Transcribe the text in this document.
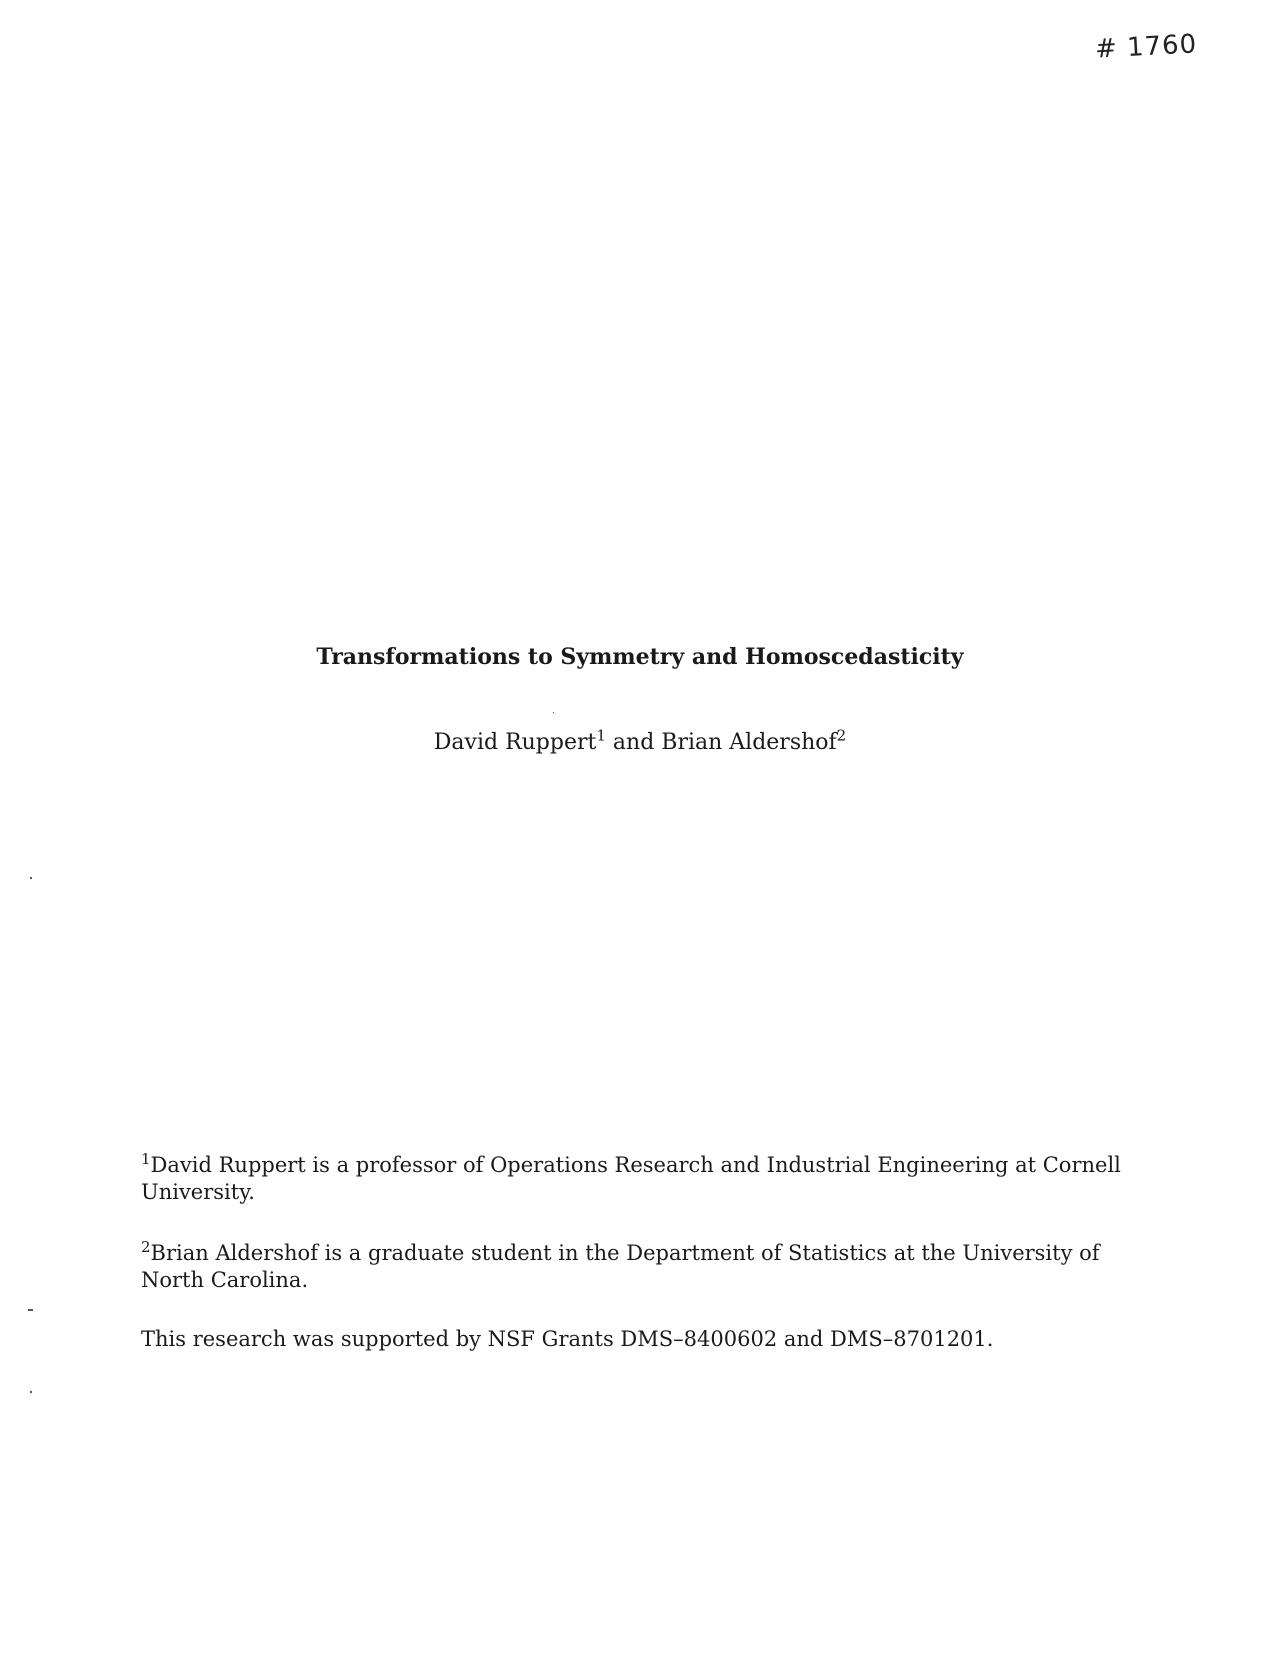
# 1760
Transformations to Symmetry and Homoscedasticity
David Ruppert$^1$ and Brian Aldershof$^2$

$^1$David Ruppert is a professor of Operations Research and Industrial Engineering at Cornell University.

$^2$Brian Aldershof is a graduate student in the Department of Statistics at the University of North Carolina.

This research was supported by NSF Grants DMS–8400602 and DMS–8701201.
